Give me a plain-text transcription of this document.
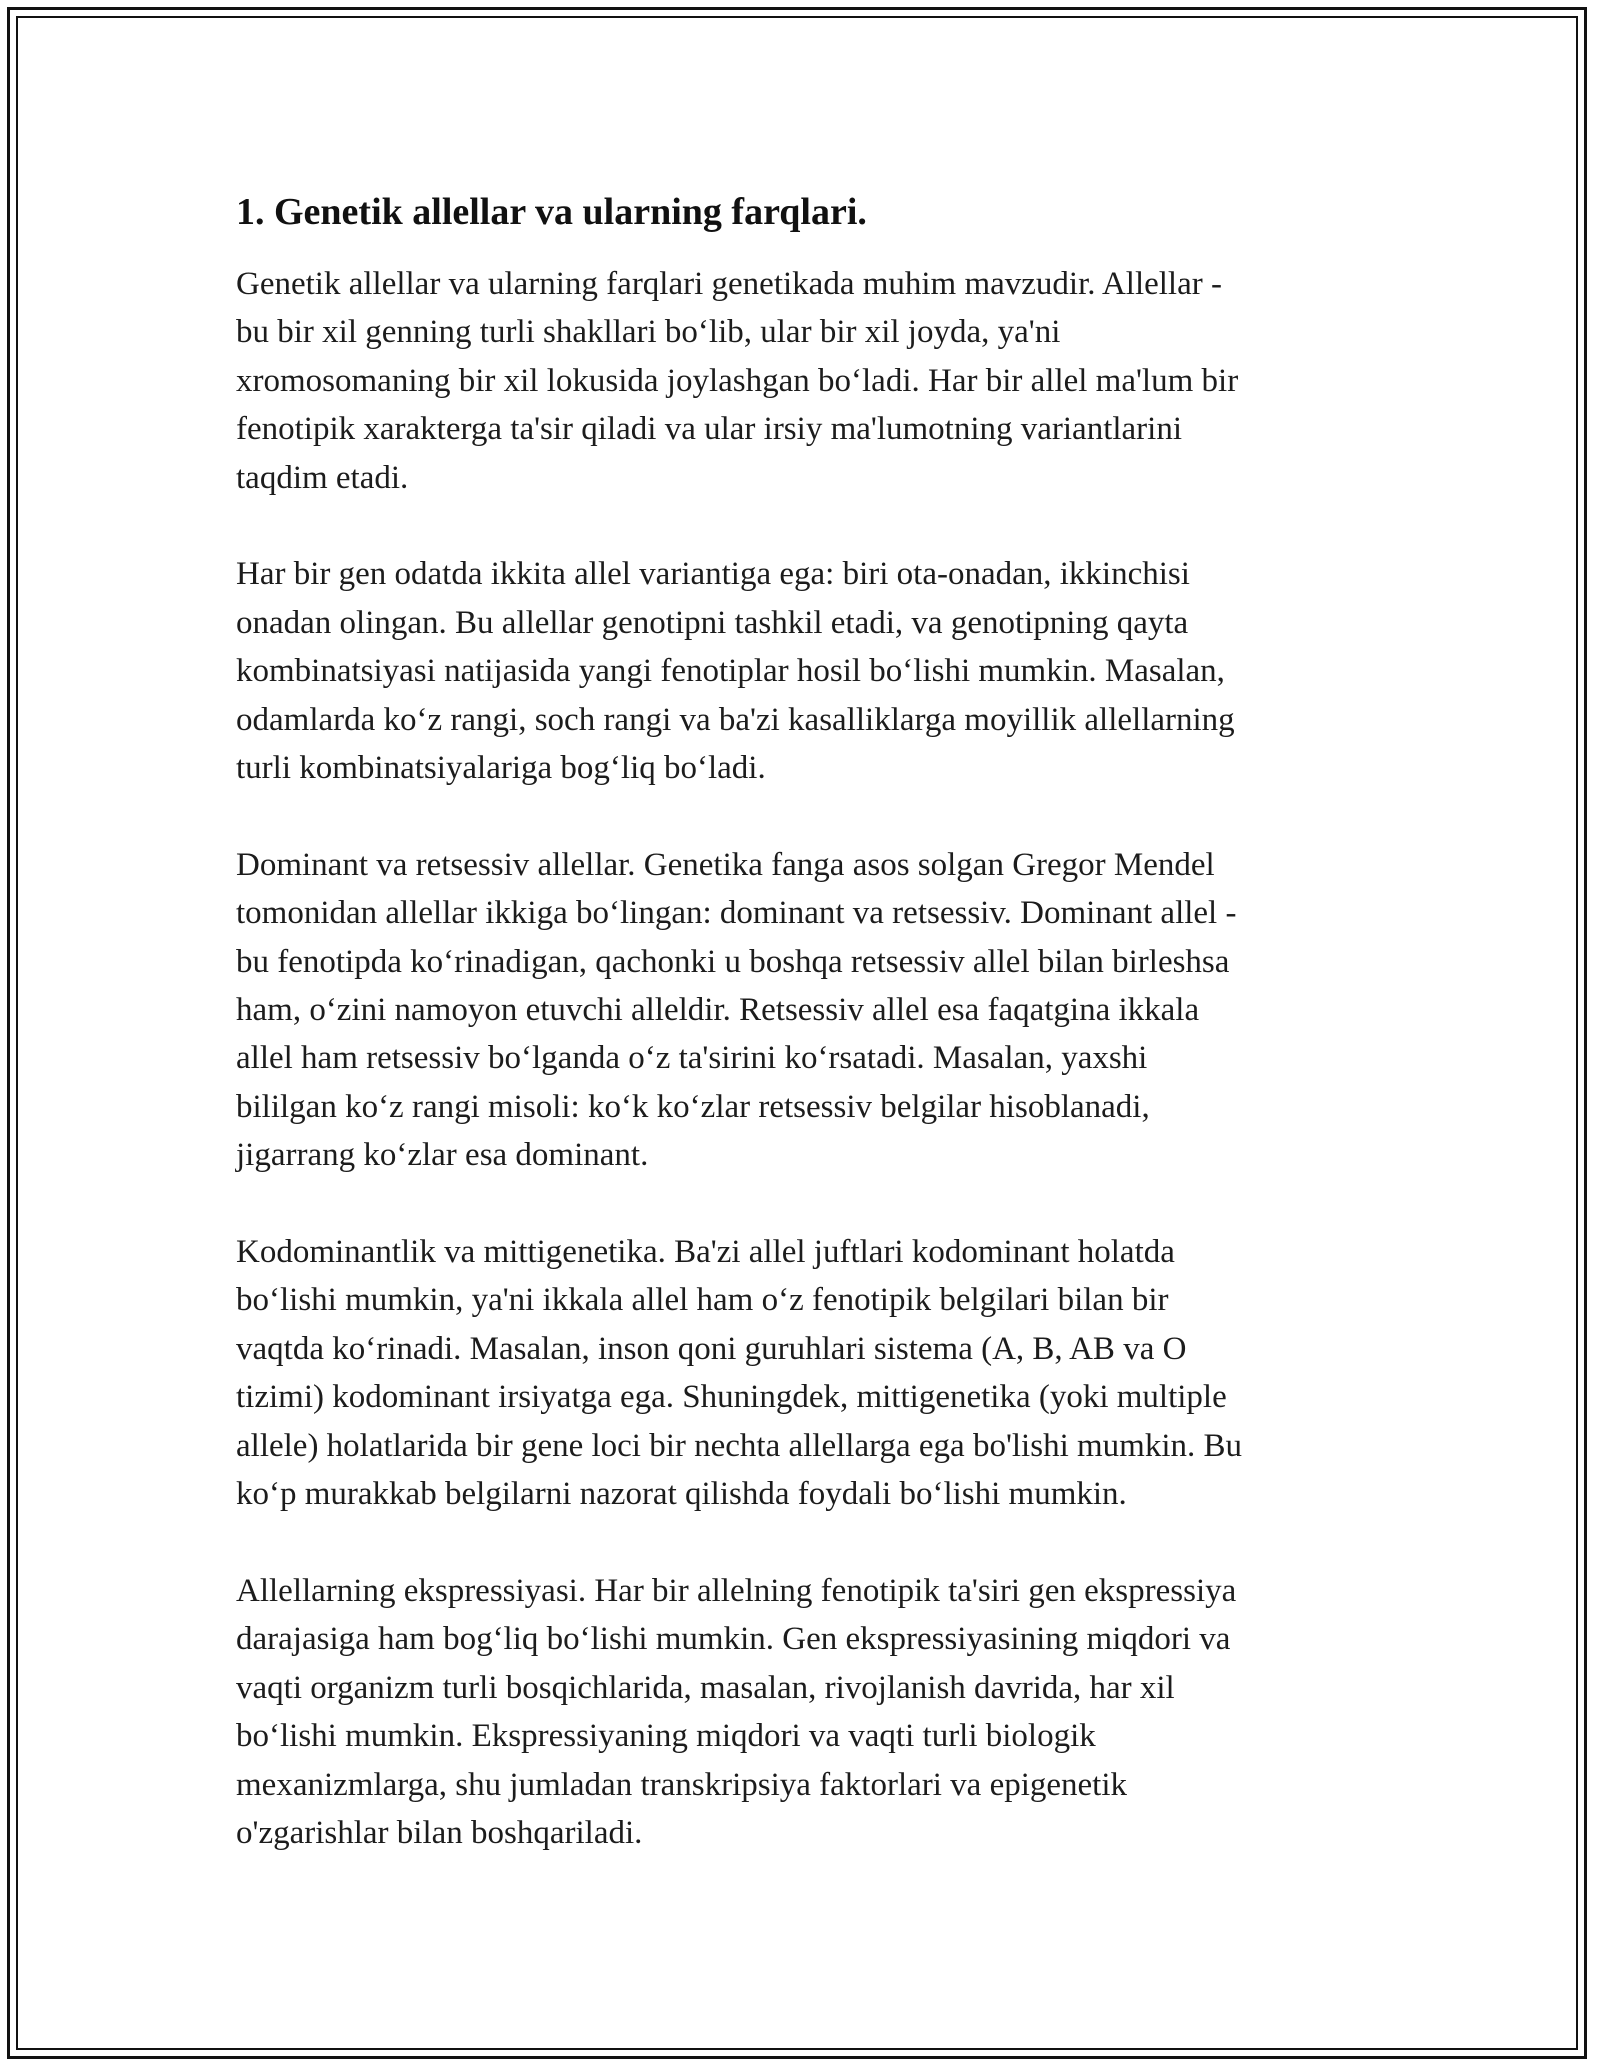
1. Genetik allellar va ularning farqlari.

Genetik allellar va ularning farqlari genetikada muhim mavzudir. Allellar -
bu bir xil genning turli shakllari bo‘lib, ular bir xil joyda, ya'ni
xromosomaning bir xil lokusida joylashgan bo‘ladi. Har bir allel ma'lum bir
fenotipik xarakterga ta'sir qiladi va ular irsiy ma'lumotning variantlarini
taqdim etadi.

Har bir gen odatda ikkita allel variantiga ega: biri ota-onadan, ikkinchisi
onadan olingan. Bu allellar genotipni tashkil etadi, va genotipning qayta
kombinatsiyasi natijasida yangi fenotiplar hosil bo‘lishi mumkin. Masalan,
odamlarda ko‘z rangi, soch rangi va ba'zi kasalliklarga moyillik allellarning
turli kombinatsiyalariga bog‘liq bo‘ladi.

Dominant va retsessiv allellar. Genetika fanga asos solgan Gregor Mendel
tomonidan allellar ikkiga bo‘lingan: dominant va retsessiv. Dominant allel -
bu fenotipda ko‘rinadigan, qachonki u boshqa retsessiv allel bilan birleshsa
ham, o‘zini namoyon etuvchi alleldir. Retsessiv allel esa faqatgina ikkala
allel ham retsessiv bo‘lganda o‘z ta'sirini ko‘rsatadi. Masalan, yaxshi
bililgan ko‘z rangi misoli: ko‘k ko‘zlar retsessiv belgilar hisoblanadi,
jigarrang ko‘zlar esa dominant.

Kodominantlik va mittigenetika. Ba'zi allel juftlari kodominant holatda
bo‘lishi mumkin, ya'ni ikkala allel ham o‘z fenotipik belgilari bilan bir
vaqtda ko‘rinadi. Masalan, inson qoni guruhlari sistema (A, B, AB va O
tizimi) kodominant irsiyatga ega. Shuningdek, mittigenetika (yoki multiple
allele) holatlarida bir gene loci bir nechta allellarga ega bo'lishi mumkin. Bu
ko‘p murakkab belgilarni nazorat qilishda foydali bo‘lishi mumkin.

Allellarning ekspressiyasi. Har bir allelning fenotipik ta'siri gen ekspressiya
darajasiga ham bog‘liq bo‘lishi mumkin. Gen ekspressiyasining miqdori va
vaqti organizm turli bosqichlarida, masalan, rivojlanish davrida, har xil
bo‘lishi mumkin. Ekspressiyaning miqdori va vaqti turli biologik
mexanizmlarga, shu jumladan transkripsiya faktorlari va epigenetik
o'zgarishlar bilan boshqariladi.
